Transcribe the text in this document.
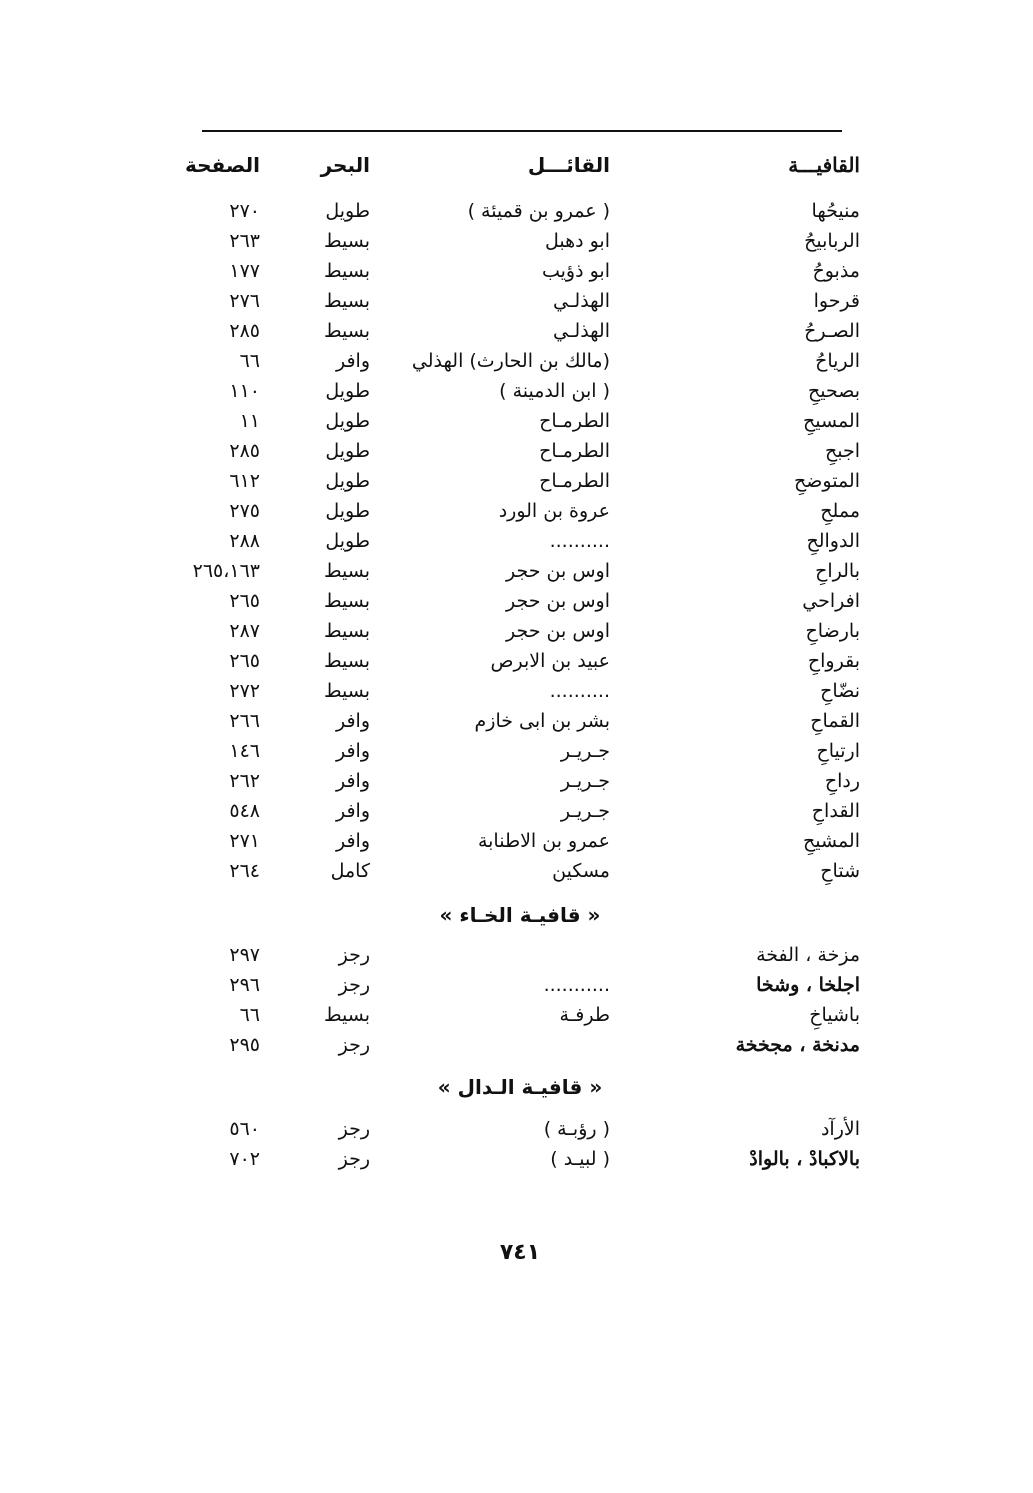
القافيـــة
القائـــل
البحر
الصفحة
منيحُها
( عمرو بن قميئة )
طويل
٢٧٠
الربابيحُ
ابو دهبل
بسيط
٢٦٣
مذبوحُ
ابو ذؤيب
بسيط
١٧٧
قرحوا
الهذلـي
بسيط
٢٧٦
الصـرحُ
الهذلـي
بسيط
٢٨٥
الرياحُ
(مالك بن الحارث) الهذلي
وافر
٦٦
بصحيحِ
( ابن الدمينة )
طويل
١١٠
المسيحِ
الطرمـاح
طويل
١١
اجبحِ
الطرمـاح
طويل
٢٨٥
المتوضحِ
الطرمـاح
طويل
٦١٢
مملحِ
عروة بن الورد
طويل
٢٧٥
الدوالحِ
..........
طويل
٢٨٨
بالراحِ
اوس بن حجر
بسيط
٢٦٥،١٦٣
افراحي
اوس بن حجر
بسيط
٢٦٥
بارضاحِ
اوس بن حجر
بسيط
٢٨٧
بقرواحِ
عبيد بن الابرص
بسيط
٢٦٥
نضّاحِ
..........
بسيط
٢٧٢
القماحِ
بشر بن ابى خازم
وافر
٢٦٦
ارتياحِ
جـريـر
وافر
١٤٦
رداحِ
جـريـر
وافر
٢٦٢
القداحِ
جـريـر
وافر
٥٤٨
المشيحِ
عمرو بن الاطنابة
وافر
٢٧١
شتاحِ
مسكين
كامل
٢٦٤
« قافيـة الخـاء »
مزخة ، الفخة
رجز
٢٩٧
اجلخا ، وشخا
...........
رجز
٢٩٦
باشياخِ
طرفـة
بسيط
٦٦
مدنخة ، مجخخة
رجز
٢٩٥
« قافيـة الـدال »
الأرآد
( رؤبـة )
رجز
٥٦٠
بالاكبادْ ، بالوادْ
( لبيـد )
رجز
٧٠٢
٧٤١
